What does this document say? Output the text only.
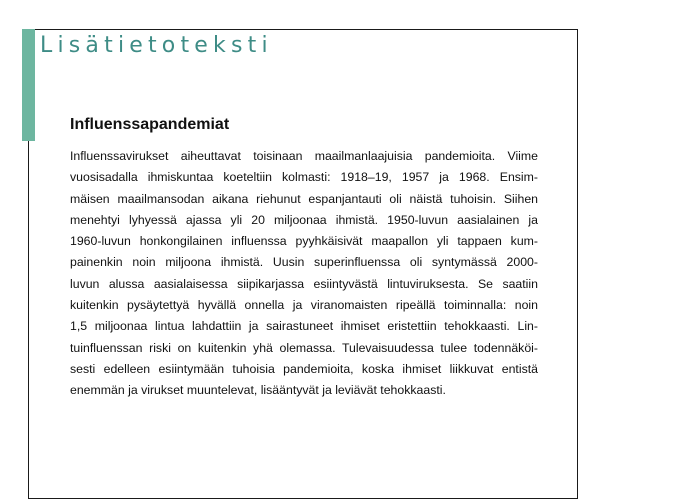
Lisätietoteksti
Influenssapandemiat

Influenssavirukset aiheuttavat toisinaan maailmanlaajuisia pandemioita. Viime
vuosisadalla ihmiskuntaa koeteltiin kolmasti: 1918–19, 1957 ja 1968. Ensim-
mäisen maailmansodan aikana riehunut espanjantauti oli näistä tuhoisin. Siihen
menehtyi lyhyessä ajassa yli 20 miljoonaa ihmistä. 1950-luvun aasialainen ja
1960-luvun honkongilainen influenssa pyyhkäisivät maapallon yli tappaen kum-
painenkin noin miljoona ihmistä. Uusin superinfluenssa oli syntymässä 2000-
luvun alussa aasialaisessa siipikarjassa esiintyvästä lintuviruksesta. Se saatiin
kuitenkin pysäytettyä hyvällä onnella ja viranomaisten ripeällä toiminnalla: noin
1,5 miljoonaa lintua lahdattiin ja sairastuneet ihmiset eristettiin tehokkaasti. Lin-
tuinfluenssan riski on kuitenkin yhä olemassa. Tulevaisuudessa tulee todennäköi-
sesti edelleen esiintymään tuhoisia pandemioita, koska ihmiset liikkuvat entistä
enemmän ja virukset muuntelevat, lisääntyvät ja leviävät tehokkaasti.
